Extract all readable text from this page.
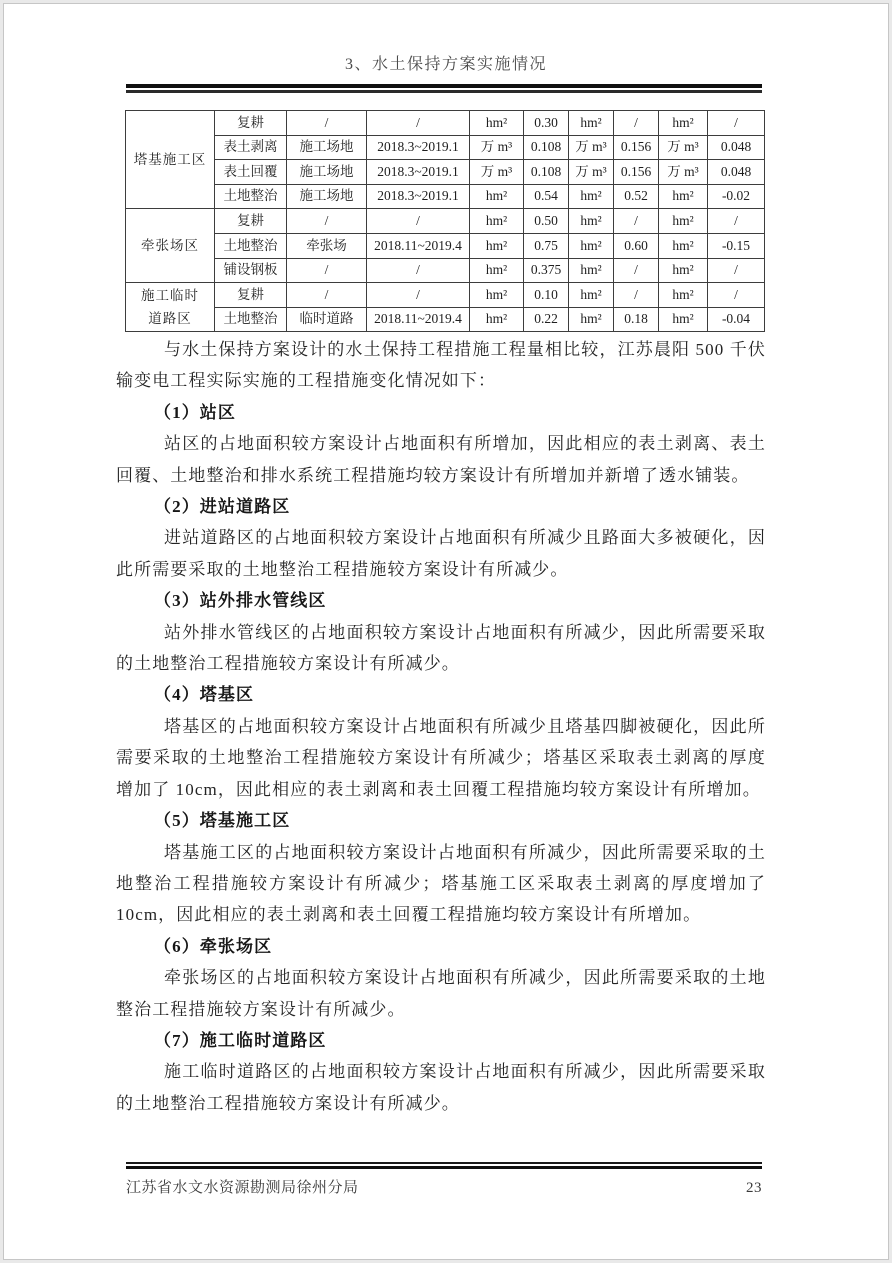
3、水土保持方案实施情况
塔基施工区	复耕	/	/	hm²	0.30	hm²	/	hm²	/
	表土剥离	施工场地	2018.3~2019.1	万 m³	0.108	万 m³	0.156	万 m³	0.048
	表土回覆	施工场地	2018.3~2019.1	万 m³	0.108	万 m³	0.156	万 m³	0.048
	土地整治	施工场地	2018.3~2019.1	hm²	0.54	hm²	0.52	hm²	-0.02
牵张场区	复耕	/	/	hm²	0.50	hm²	/	hm²	/
	土地整治	牵张场	2018.11~2019.4	hm²	0.75	hm²	0.60	hm²	-0.15
	铺设钢板	/	/	hm²	0.375	hm²	/	hm²	/
施工临时道路区	复耕	/	/	hm²	0.10	hm²	/	hm²	/
	土地整治	临时道路	2018.11~2019.4	hm²	0.22	hm²	0.18	hm²	-0.04

与水土保持方案设计的水土保持工程措施工程量相比较，江苏晨阳 500 千伏输变电工程实际实施的工程措施变化情况如下：

（1）站区

站区的占地面积较方案设计占地面积有所增加，因此相应的表土剥离、表土回覆、土地整治和排水系统工程措施均较方案设计有所增加并新增了透水铺装。

（2）进站道路区

进站道路区的占地面积较方案设计占地面积有所减少且路面大多被硬化，因此所需要采取的土地整治工程措施较方案设计有所减少。

（3）站外排水管线区

站外排水管线区的占地面积较方案设计占地面积有所减少，因此所需要采取的土地整治工程措施较方案设计有所减少。

（4）塔基区

塔基区的占地面积较方案设计占地面积有所减少且塔基四脚被硬化，因此所需要采取的土地整治工程措施较方案设计有所减少；塔基区采取表土剥离的厚度增加了 10cm，因此相应的表土剥离和表土回覆工程措施均较方案设计有所增加。

（5）塔基施工区

塔基施工区的占地面积较方案设计占地面积有所减少，因此所需要采取的土地整治工程措施较方案设计有所减少；塔基施工区采取表土剥离的厚度增加了 10cm，因此相应的表土剥离和表土回覆工程措施均较方案设计有所增加。

（6）牵张场区

牵张场区的占地面积较方案设计占地面积有所减少，因此所需要采取的土地整治工程措施较方案设计有所减少。

（7）施工临时道路区

施工临时道路区的占地面积较方案设计占地面积有所减少，因此所需要采取的土地整治工程措施较方案设计有所减少。

江苏省水文水资源勘测局徐州分局	23
